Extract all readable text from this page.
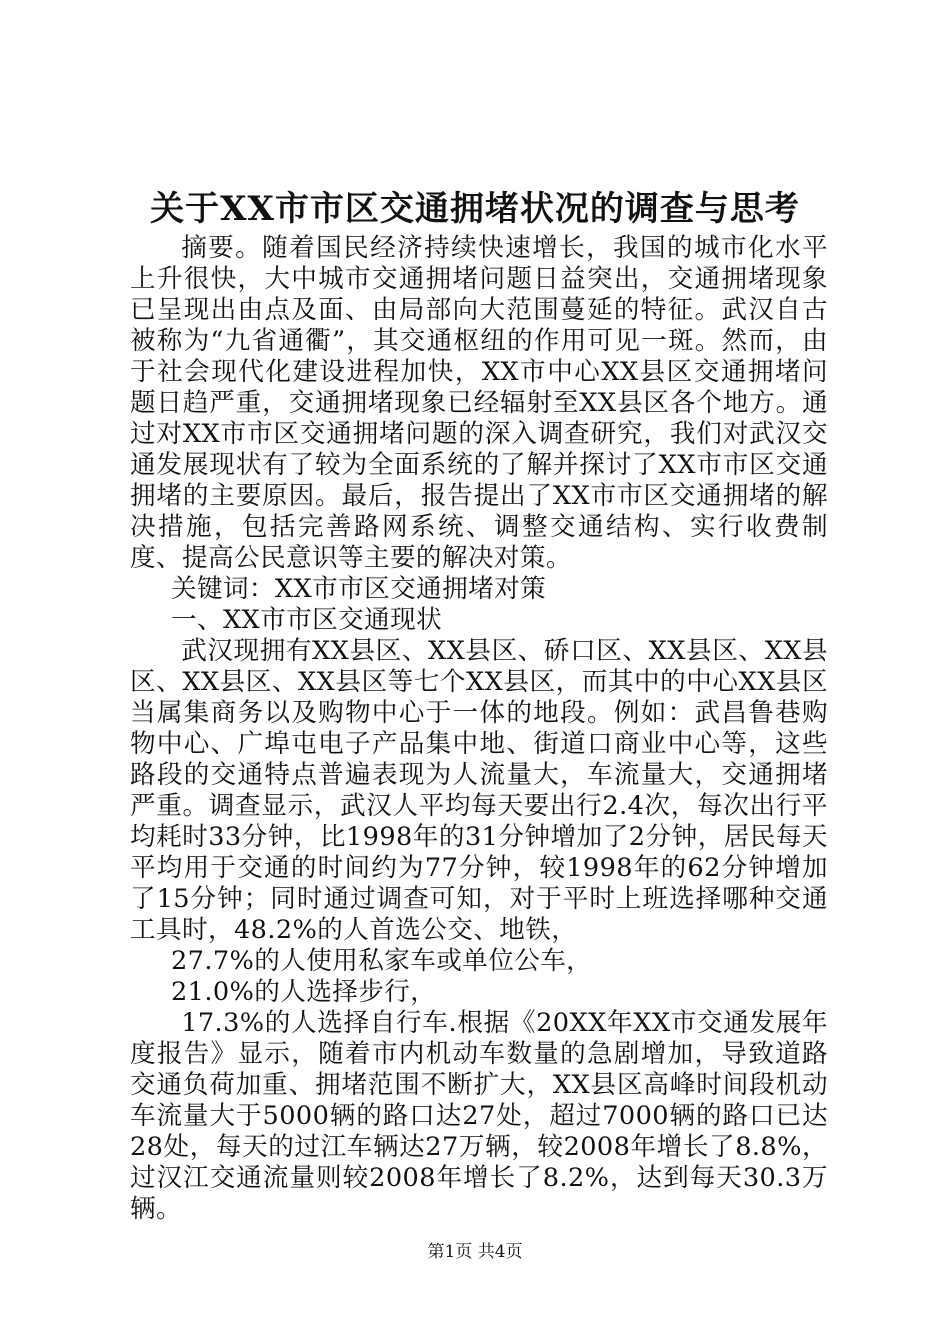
关于XX市市区交通拥堵状况的调查与思考

摘要。随着国民经济持续快速增长，我国的城市化水平上升很快，大中城市交通拥堵问题日益突出，交通拥堵现象已呈现出由点及面、由局部向大范围蔓延的特征。武汉自古被称为“九省通衢”，其交通枢纽的作用可见一斑。然而，由于社会现代化建设进程加快，XX市中心XX县区交通拥堵问题日趋严重，交通拥堵现象已经辐射至XX县区各个地方。通过对XX市市区交通拥堵问题的深入调查研究，我们对武汉交通发展现状有了较为全面系统的了解并探讨了XX市市区交通拥堵的主要原因。最后，报告提出了XX市市区交通拥堵的解决措施，包括完善路网系统、调整交通结构、实行收费制度、提高公民意识等主要的解决对策。

关键词：XX市市区交通拥堵对策

一、XX市市区交通现状

武汉现拥有XX县区、XX县区、硚口区、XX县区、XX县区、XX县区、XX县区等七个XX县区，而其中的中心XX县区当属集商务以及购物中心于一体的地段。例如：武昌鲁巷购物中心、广埠屯电子产品集中地、街道口商业中心等，这些路段的交通特点普遍表现为人流量大，车流量大，交通拥堵严重。调查显示，武汉人平均每天要出行2.4次，每次出行平均耗时33分钟，比1998年的31分钟增加了2分钟，居民每天平均用于交通的时间约为77分钟，较1998年的62分钟增加了15分钟；同时通过调查可知，对于平时上班选择哪种交通工具时，48.2%的人首选公交、地铁，

27.7%的人使用私家车或单位公车，

21.0%的人选择步行，

17.3%的人选择自行车.根据《20XX年XX市交通发展年度报告》显示，随着市内机动车数量的急剧增加，导致道路交通负荷加重、拥堵范围不断扩大，XX县区高峰时间段机动车流量大于5000辆的路口达27处，超过7000辆的路口已达28处，每天的过江车辆达27万辆，较2008年增长了8.8%，过汉江交通流量则较2008年增长了8.2%，达到每天30.3万辆。

第1页 共4页
